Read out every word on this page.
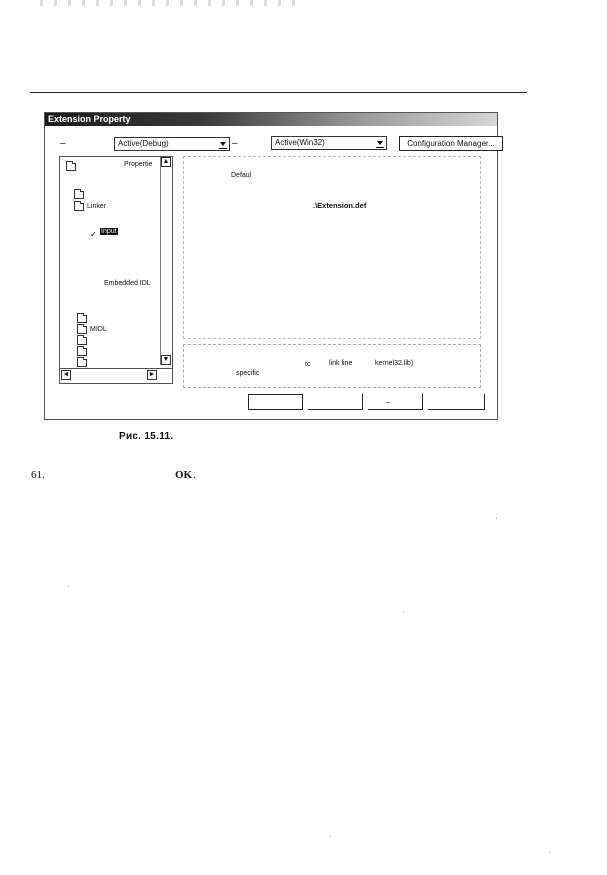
Extension Property
–	Active(Debug)	–	Active(Win32)	Configuration Manager...
Propertie
Linker
✓ Input
Embedded IDL
MIDL
▲
▼
◄	►
Defaul
.\Extension.def
tc	link line	kernel32.lib)
specific
_
Рис. 15.11.
61.	OK .
